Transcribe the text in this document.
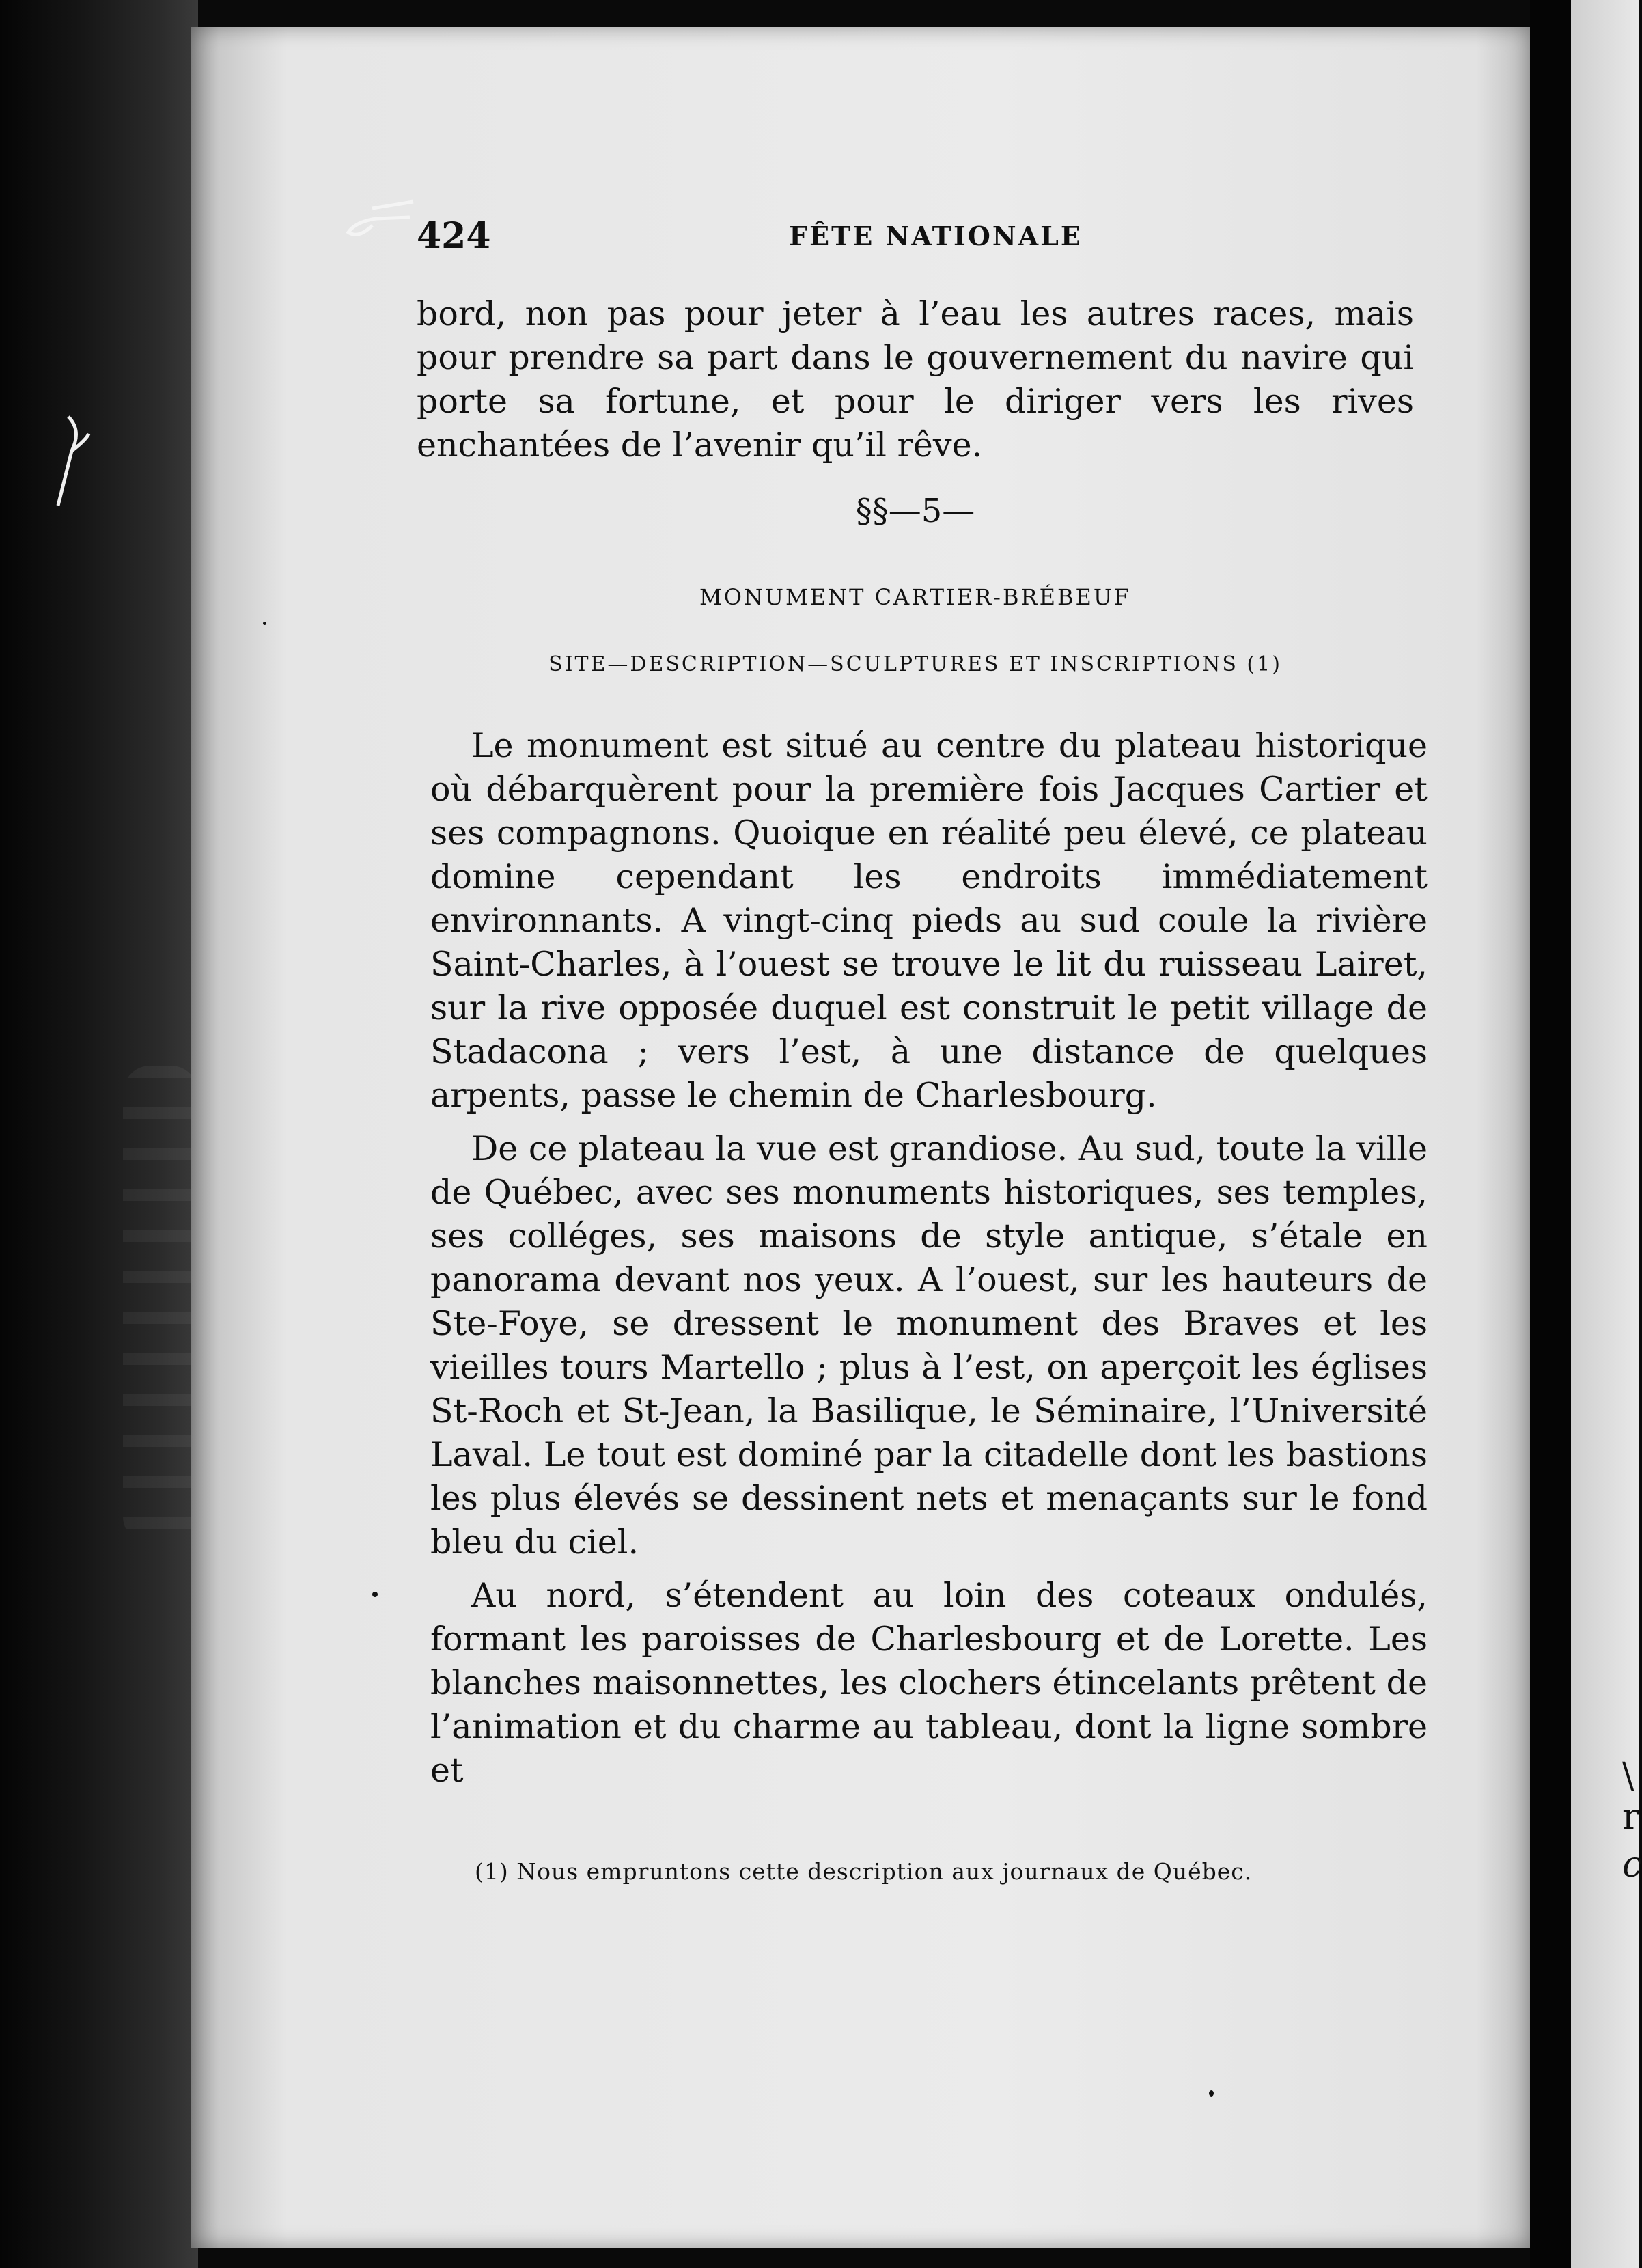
\
r
c
424	FÊTE NATIONALE

bord, non pas pour jeter à l’eau les autres races, mais pour prendre sa part dans le gouvernement du navire qui porte sa fortune, et pour le diriger vers les rives enchantées de l’avenir qu’il rêve.

§§—5—

MONUMENT CARTIER-BRÉBEUF

SITE—DESCRIPTION—SCULPTURES ET INSCRIPTIONS (1)

Le monument est situé au centre du plateau historique où débarquèrent pour la première fois Jacques Cartier et ses compagnons. Quoique en réalité peu élevé, ce plateau domine cependant les endroits immédiatement environnants. A vingt-cinq pieds au sud coule la rivière Saint-Charles, à l’ouest se trouve le lit du ruisseau Lairet, sur la rive opposée duquel est construit le petit village de Stadacona ; vers l’est, à une distance de quelques arpents, passe le chemin de Charlesbourg.

De ce plateau la vue est grandiose. Au sud, toute la ville de Québec, avec ses monuments historiques, ses temples, ses colléges, ses maisons de style antique, s’étale en panorama devant nos yeux. A l’ouest, sur les hauteurs de Ste-Foye, se dressent le monument des Braves et les vieilles tours Martello ; plus à l’est, on aperçoit les églises St-Roch et St-Jean, la Basilique, le Séminaire, l’Université Laval. Le tout est dominé par la citadelle dont les bastions les plus élevés se dessinent nets et menaçants sur le fond bleu du ciel.

Au nord, s’étendent au loin des coteaux ondulés, formant les paroisses de Charlesbourg et de Lorette. Les blanches maisonnettes, les clochers étincelants prêtent de l’animation et du charme au tableau, dont la ligne sombre et

(1) Nous empruntons cette description aux journaux de Québec.
